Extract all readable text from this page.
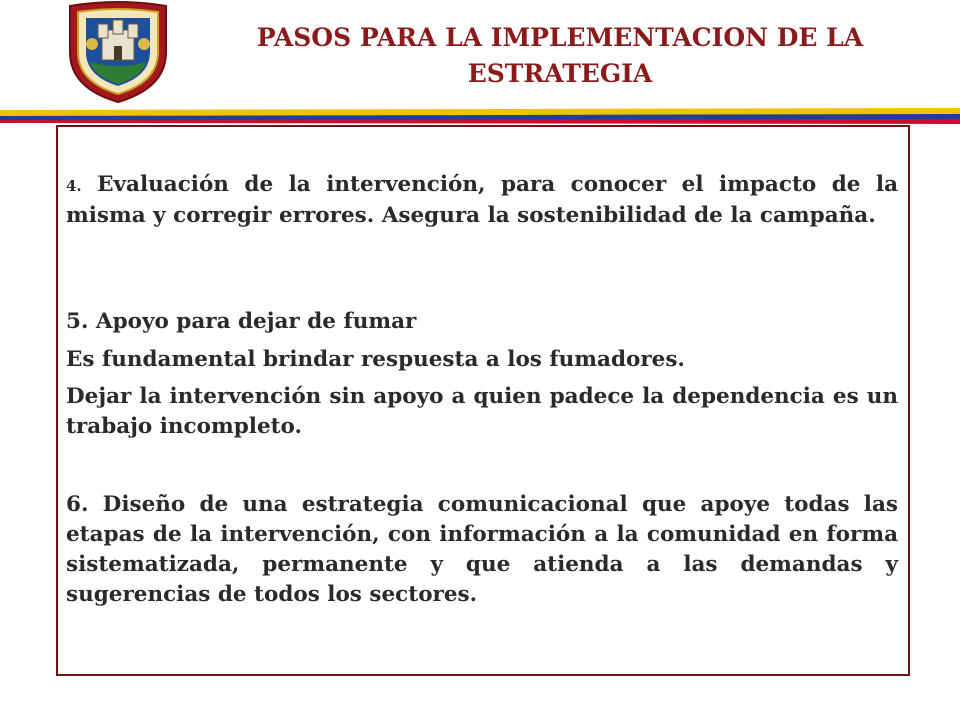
PASOS PARA LA IMPLEMENTACION DE LA ESTRATEGIA

4. Evaluación de la intervención, para conocer el impacto de la misma y corregir errores. Asegura la sostenibilidad de la campaña.

5. Apoyo para dejar de fumar

Es fundamental brindar respuesta a los fumadores.

Dejar la intervención sin apoyo a quien padece la dependencia es un trabajo incompleto.

6. Diseño de una estrategia comunicacional que apoye todas las etapas de la intervención, con información a la comunidad en forma sistematizada, permanente y que atienda a las demandas y sugerencias de todos los sectores.
